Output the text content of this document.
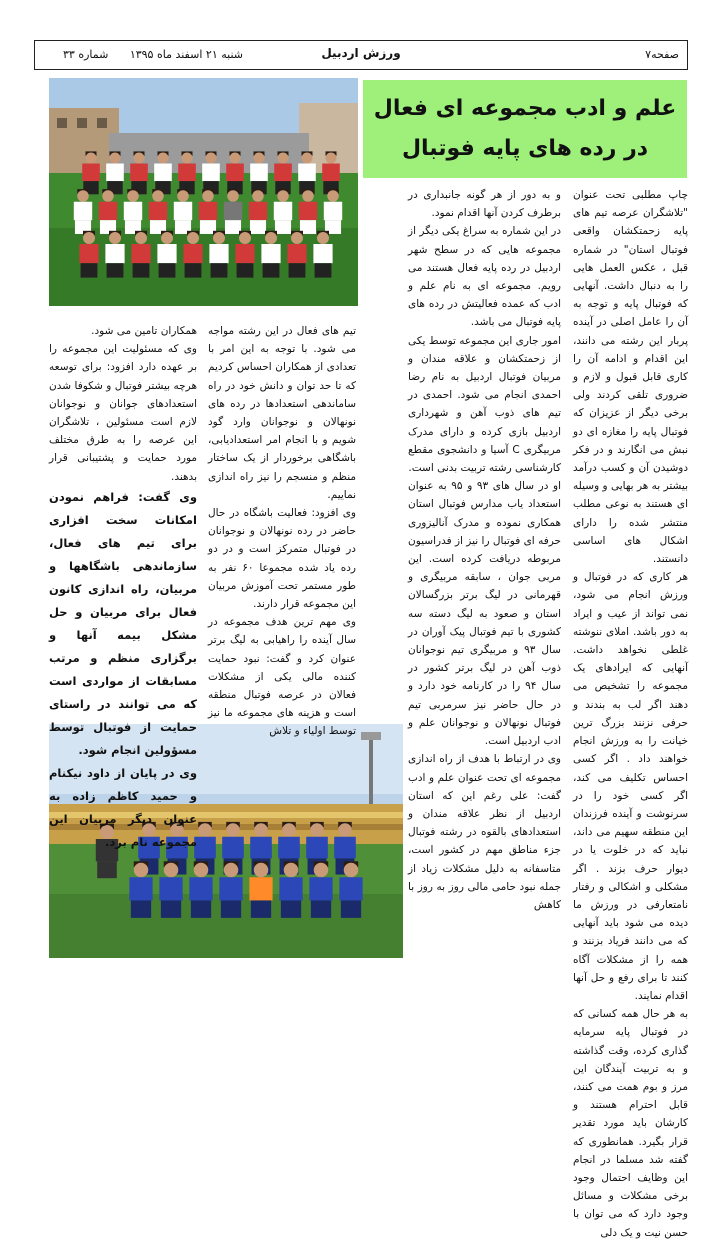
صفحه۷
ورزش اردبیل
شنبه ۲۱ اسفند ماه ۱۳۹۵ شماره ۳۳
علم و ادب مجموعه ای فعال
در رده های پایه فوتبال

چاپ مطلبی تحت عنوان "تلاشگران عرصه تیم های پایه زحمتکشان واقعی فوتبال استان" در شماره قبل ، عکس العمل هایی را به دنبال داشت. آنهایی که فوتبال پایه و توجه به آن را عامل اصلی در آینده پربار این رشته می دانند، این اقدام و ادامه آن را کاری قابل قبول و لازم و ضروری تلقی کردند ولی برخی دیگر از عزیزان که فوتبال پایه را مغازه ای دو نبش می انگارند و در فکر دوشیدن آن و کسب درآمد بیشتر به هر بهایی و وسیله ای هستند به نوعی مطلب منتشر شده را دارای اشکال های اساسی دانستند.

هر کاری که در فوتبال و ورزش انجام می شود، نمی تواند از عیب و ایراد به دور باشد. املای ننوشته غلطی نخواهد داشت. آنهایی که ایرادهای یک مجموعه را تشخیص می دهند اگر لب به بندند و حرفی نزنند بزرگ ترین خیانت را به ورزش انجام خواهند داد . اگر کسی احساس تکلیف می کند، اگر کسی خود را در سرنوشت و آینده فرزندان این منطقه سهیم می داند، نباید که در خلوت یا در دیوار حرف بزند . اگر مشکلی و اشکالی و رفتار نامتعارفی در ورزش ما دیده می شود باید آنهایی که می دانند فریاد بزنند و همه را از مشکلات آگاه کنند تا برای رفع و حل آنها اقدام نمایند.

به هر حال همه کسانی که در فوتبال پایه سرمایه گذاری کرده، وقت گذاشته و به تربیت آیندگان این مرز و بوم همت می کنند، قابل احترام هستند و کارشان باید مورد تقدیر قرار بگیرد. همانطوری که گفته شد مسلما در انجام این وظایف احتمال وجود برخی مشکلات و مسائل وجود دارد که می توان با حسن نیت و یک دلی

و به دور از هر گونه جانبداری در برطرف کردن آنها اقدام نمود.

در این شماره به سراغ یکی دیگر از مجموعه هایی که در سطح شهر اردبیل در رده پایه فعال هستند می رویم. مجموعه ای به نام علم و ادب که عمده فعالیتش در رده های پایه فوتبال می باشد.

امور جاری این مجموعه توسط یکی از زحمتکشان و علاقه مندان و مربیان فوتبال اردبیل به نام رضا احمدی انجام می شود. احمدی در تیم های ذوب آهن و شهرداری اردبیل بازی کرده و دارای مدرک مربیگری C آسیا و دانشجوی مقطع کارشناسی رشته تربیت بدنی است.

او در سال های ۹۳ و ۹۵ به عنوان استعداد یاب مدارس فوتبال استان همکاری نموده و مدرک آنالیزوری حرفه ای فوتبال را نیز از فدراسیون مربوطه دریافت کرده است. این مربی جوان ، سابقه مربیگری و قهرمانی در لیگ برتر بزرگسالان استان و صعود به لیگ دسته سه کشوری با تیم فوتبال پیک آوران در سال ۹۳ و مربیگری تیم نوجوانان ذوب آهن در لیگ برتر کشور در سال ۹۴ را در کارنامه خود دارد و در حال حاضر نیز سرمربی تیم فوتبال نونهالان و نوجوانان علم و ادب اردبیل است.

وی در ارتباط با هدف از راه اندازی مجموعه ای تحت عنوان علم و ادب گفت: علی رغم این که استان اردبیل از نظر علاقه مندان و استعدادهای بالقوه در رشته فوتبال جزء مناطق مهم در کشور است، متاسفانه به دلیل مشکلات زیاد از جمله نبود حامی مالی روز به روز با کاهش

تیم های فعال در این رشته مواجه می شود. با توجه به این امر با تعدادی از همکاران احساس کردیم که تا حد توان و دانش خود در راه ساماندهی استعدادها در رده های نونهالان و نوجوانان وارد گود شویم و با انجام امر استعدادیابی، باشگاهی برخوردار از یک ساختار منظم و منسجم را نیز راه اندازی نماییم.

وی افزود: فعالیت باشگاه در حال حاضر در رده نونهالان و نوجوانان در فوتبال متمرکز است و در دو رده یاد شده مجموعا ۶۰ نفر به طور مستمر تحت آموزش مربیان این مجموعه قرار دارند.

وی مهم ترین هدف مجموعه در سال آینده را راهیابی به لیگ برتر عنوان کرد و گفت: نبود حمایت کننده مالی یکی از مشکلات فعالان در عرصه فوتبال منطقه است و هزینه های مجموعه ما نیز توسط اولیاء و تلاش

همکاران تامین می شود.

وی که مسئولیت این مجموعه را بر عهده دارد افزود: برای توسعه هرچه بیشتر فوتبال و شکوفا شدن استعدادهای جوانان و نوجوانان لازم است مسئولین ، تلاشگران این عرصه را به طرق مختلف مورد حمایت و پشتیبانی قرار بدهند.

وی گفت: فراهم نمودن امکانات سخت افزاری برای تیم های فعال، سازماندهی باشگاهها و مربیان، راه اندازی کانون فعال برای مربیان و حل مشکل بیمه آنها و برگزاری منظم و مرتب مسابقات از مواردی است که می توانند در راستای حمایت از فوتبال توسط مسؤولین انجام شود.

وی در پایان از داود نیکنام و حمید کاظم زاده به عنوان دیگر مربیان این مجموعه نام برد.
